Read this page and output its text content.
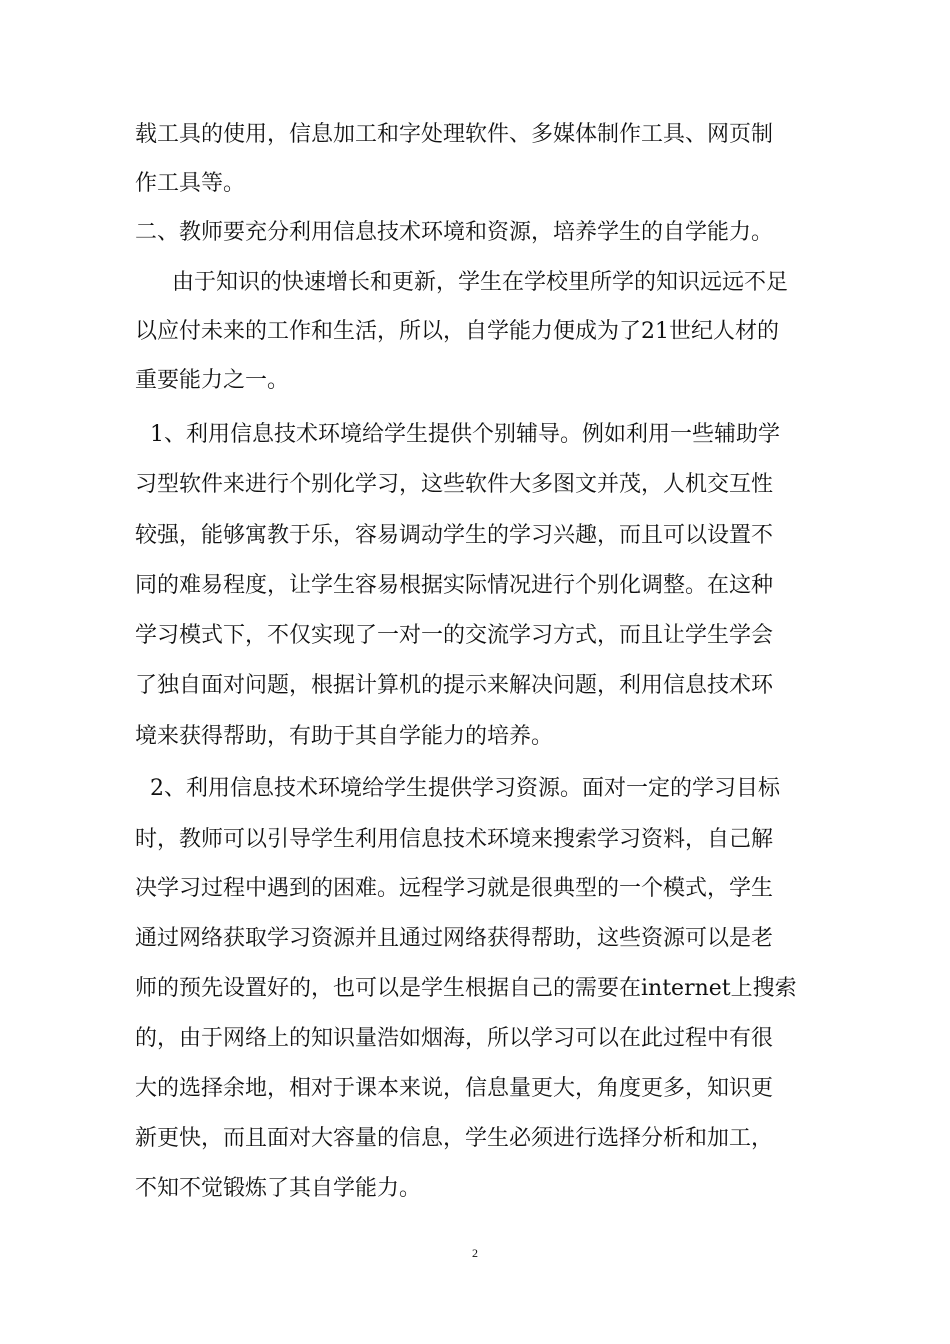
载工具的使用，信息加工和字处理软件、多媒体制作工具、网页制
作工具等。
二、教师要充分利用信息技术环境和资源，培养学生的自学能力。
　由于知识的快速增长和更新，学生在学校里所学的知识远远不足
以应付未来的工作和生活，所以，自学能力便成为了21世纪人材的
重要能力之一。
1、利用信息技术环境给学生提供个别辅导。例如利用一些辅助学
习型软件来进行个别化学习，这些软件大多图文并茂，人机交互性
较强，能够寓教于乐，容易调动学生的学习兴趣，而且可以设置不
同的难易程度，让学生容易根据实际情况进行个别化调整。在这种
学习模式下，不仅实现了一对一的交流学习方式，而且让学生学会
了独自面对问题，根据计算机的提示来解决问题，利用信息技术环
境来获得帮助，有助于其自学能力的培养。
2、利用信息技术环境给学生提供学习资源。面对一定的学习目标
时，教师可以引导学生利用信息技术环境来搜索学习资料，自己解
决学习过程中遇到的困难。远程学习就是很典型的一个模式，学生
通过网络获取学习资源并且通过网络获得帮助，这些资源可以是老
师的预先设置好的，也可以是学生根据自己的需要在internet上搜索
的，由于网络上的知识量浩如烟海，所以学习可以在此过程中有很
大的选择余地，相对于课本来说，信息量更大，角度更多，知识更
新更快，而且面对大容量的信息，学生必须进行选择分析和加工，
不知不觉锻炼了其自学能力。
2
